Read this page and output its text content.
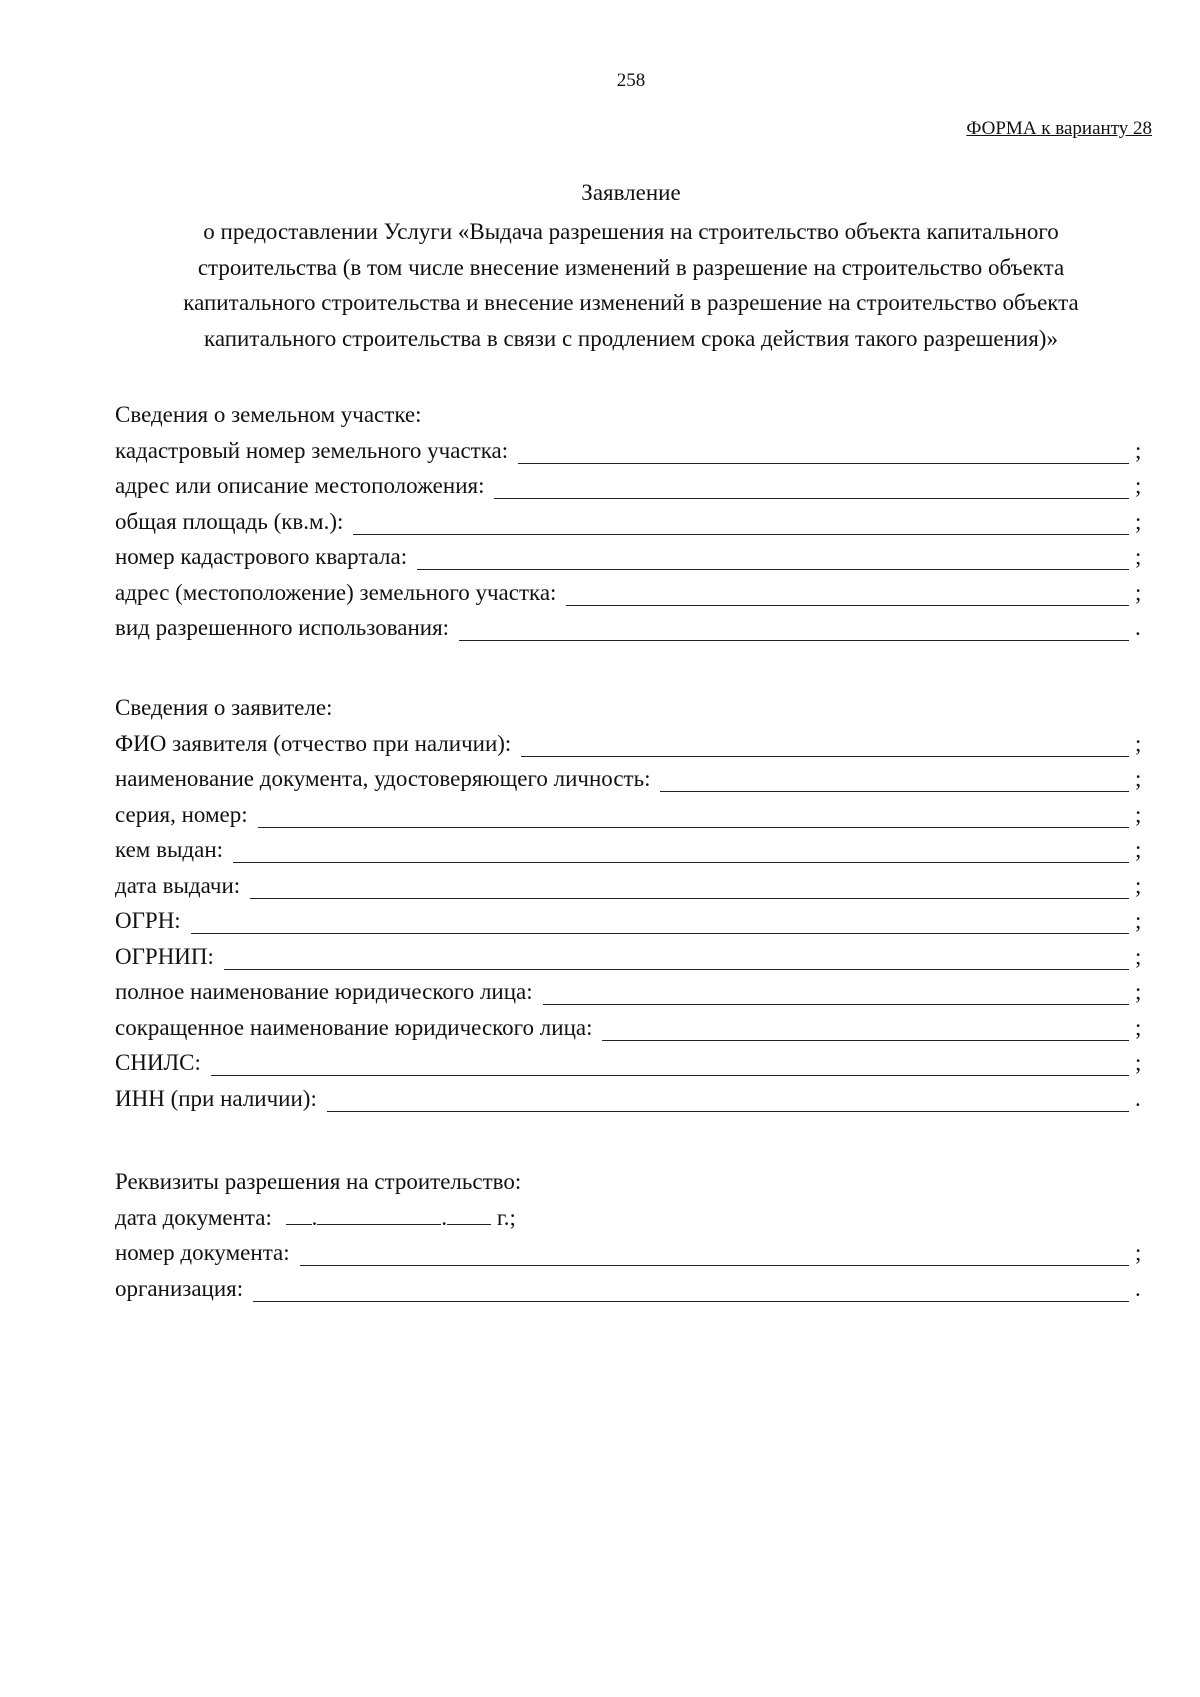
258
ФОРМА к варианту 28
Заявление
о предоставлении Услуги «Выдача разрешения на строительство объекта капитального
строительства (в том числе внесение изменений в разрешение на строительство объекта
капитального строительства и внесение изменений в разрешение на строительство объекта
капитального строительства в связи с продлением срока действия такого разрешения)»
Сведения о земельном участке:
кадастровый номер земельного участка:	;
адрес или описание местоположения:	;
общая площадь (кв.м.):	;
номер кадастрового квартала:	;
адрес (местоположение) земельного участка:	;
вид разрешенного использования:	.
Сведения о заявителе:
ФИО заявителя (отчество при наличии):	;
наименование документа, удостоверяющего личность:	;
серия, номер:	;
кем выдан:	;
дата выдачи:	;
ОГРН:	;
ОГРНИП:	;
полное наименование юридического лица:	;
сокращенное наименование юридического лица:	;
СНИЛС:	;
ИНН (при наличии):	.
Реквизиты разрешения на строительство:
дата документа: .	. г.;
номер документа:	;
организация:	.
